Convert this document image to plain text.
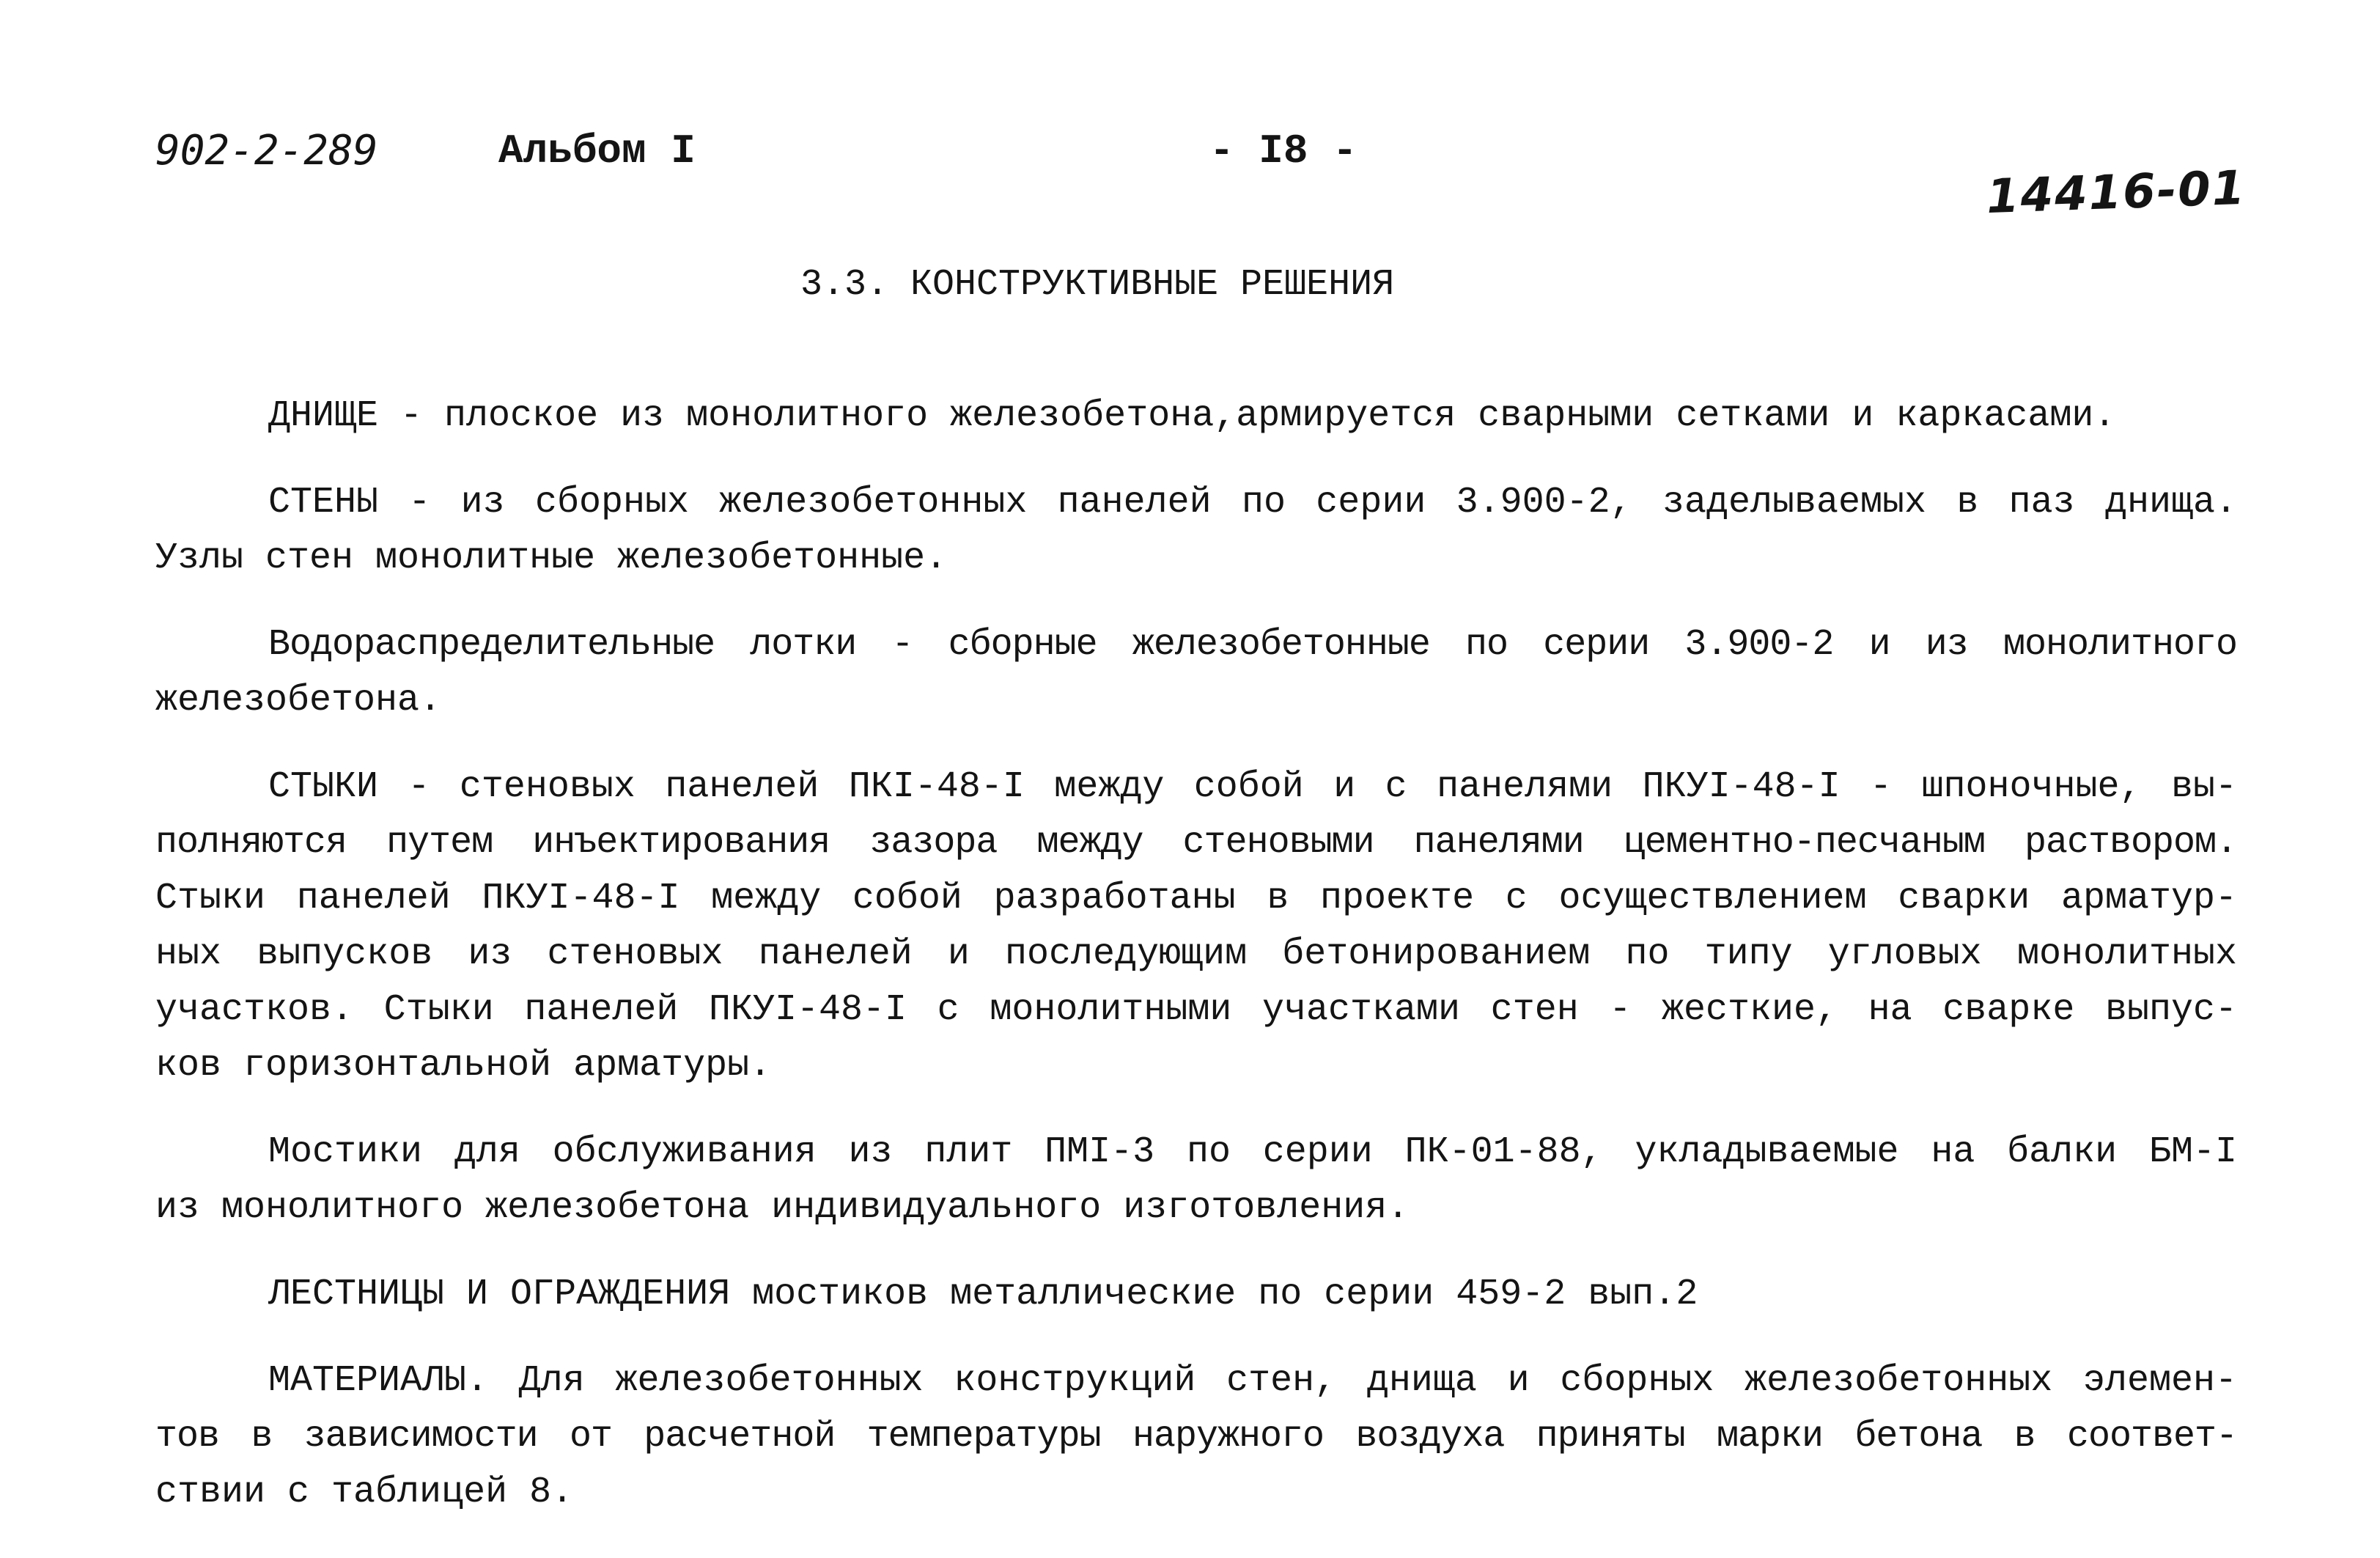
902-2-289	Альбом I	- I8 -
14416-01
3.3. КОНСТРУКТИВНЫЕ РЕШЕНИЯ
ДНИЩЕ - плоское из монолитного железобетона,армируется сварными сетками и каркасами.
СТЕНЫ - из сборных железобетонных панелей по серии 3.900-2, заделываемых в паз днища.
Узлы стен монолитные железобетонные.
Водораспределительные лотки - сборные железобетонные по серии 3.900-2 и из монолитного
железобетона.
СТЫКИ - стеновых панелей ПКI-48-I между собой и с панелями ПКУI-48-I - шпоночные, вы-
полняются путем инъектирования зазора между стеновыми панелями цементно-песчаным раствором.
Стыки панелей ПКУI-48-I между собой разработаны в проекте с осуществлением сварки арматур-
ных выпусков из стеновых панелей и последующим бетонированием по типу угловых монолитных
участков. Стыки панелей ПКУI-48-I с монолитными участками стен - жесткие, на сварке выпус-
ков горизонтальной арматуры.
Мостики для обслуживания из плит ПМI-3 по серии ПК-01-88, укладываемые на балки БМ-I
из монолитного железобетона индивидуального изготовления.
ЛЕСТНИЦЫ И ОГРАЖДЕНИЯ мостиков металлические по серии 459-2 вып.2
МАТЕРИАЛЫ. Для железобетонных конструкций стен, днища и сборных железобетонных элемен-
тов в зависимости от расчетной температуры наружного воздуха приняты марки бетона в соответ-
ствии с таблицей 8.
